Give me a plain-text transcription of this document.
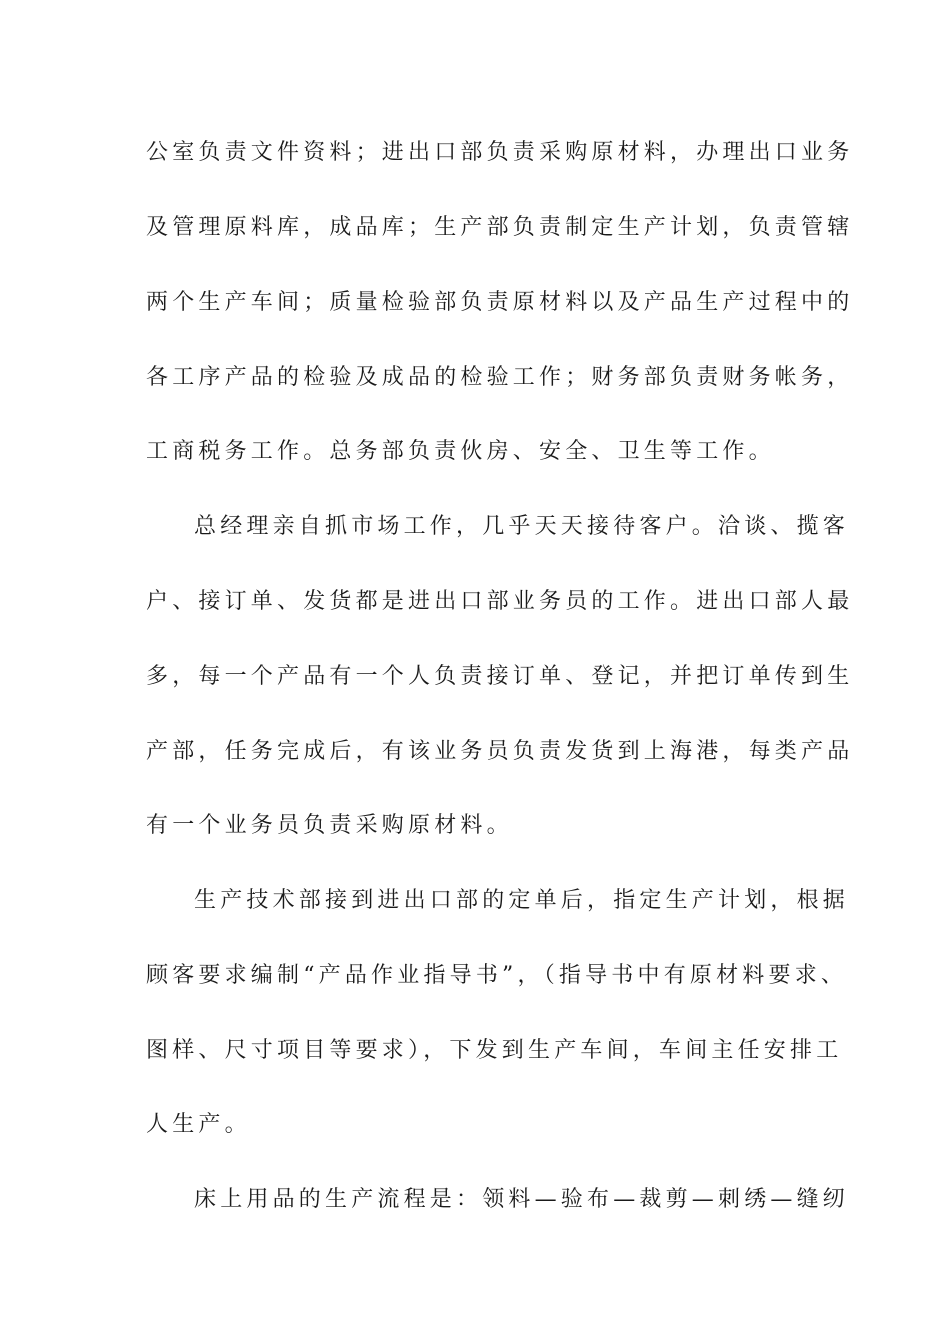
公室负责文件资料；进出口部负责采购原材料，办理出口业务
及管理原料库，成品库；生产部负责制定生产计划，负责管辖
两个生产车间；质量检验部负责原材料以及产品生产过程中的
各工序产品的检验及成品的检验工作；财务部负责财务帐务，
工商税务工作。总务部负责伙房、安全、卫生等工作。
总经理亲自抓市场工作，几乎天天接待客户。洽谈、揽客
户、接订单、发货都是进出口部业务员的工作。进出口部人最
多，每一个产品有一个人负责接订单、登记，并把订单传到生
产部，任务完成后，有该业务员负责发货到上海港，每类产品
有一个业务员负责采购原材料。
生产技术部接到进出口部的定单后，指定生产计划，根据
顾客要求编制“产品作业指导书”，（指导书中有原材料要求、
图样、尺寸项目等要求），下发到生产车间，车间主任安排工
人生产。
床上用品的生产流程是：领料—验布—裁剪—刺绣—缝纫
